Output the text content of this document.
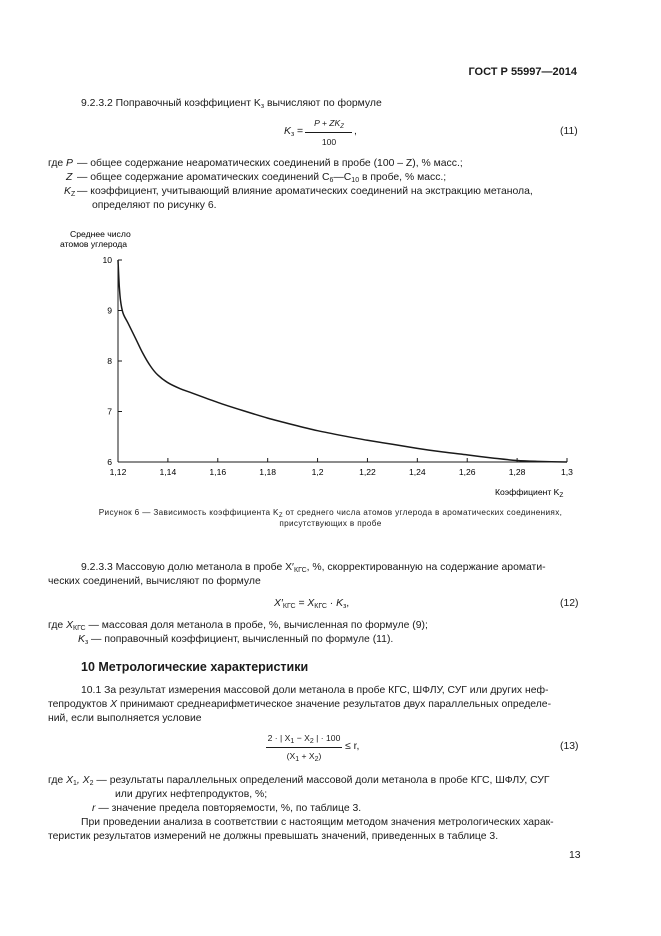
ГОСТ Р 55997—2014
9.2.3.2 Поправочный коэффициент $K_з$ вычисляют по формуле
$K_з$ =
$P + ZK_Z$
100
,	(11)
где P — общее содержание неароматических соединений в пробе (100 – Z), % масс.;
Z — общее содержание ароматических соединений $C_6—C_{10}$ в пробе, % масс.;
$K_Z$ — коэффициент, учитывающий влияние ароматических соединений на экстракцию метанола,
определяют по рисунку 6.
Среднее число
атомов углерода
6
7
8
9
10
1,12	1,14	1,16	1,18	1,2	1,22	1,24	1,26	1,28	1,3
Коэффициент $K_Z$
Рисунок 6 — Зависимость коэффициента $K_Z$ от среднего числа атомов углерода в ароматических соединениях,
присутствующих в пробе
9.2.3.3 Массовую долю метанола в пробе $X'_{КГС}$, %, скорректированную на содержание аромати-
ческих соединений, вычисляют по формуле
$X'_{КГС} = X_{КГС} \cdot K_з$,	(12)
где $X_{КГС}$ — массовая доля метанола в пробе, %, вычисленная по формуле (9);
$K_з$ — поправочный коэффициент, вычисленный по формуле (11).
10 Метрологические характеристики
10.1 За результат измерения массовой доли метанола в пробе КГС, ШФЛУ, СУГ или других неф-
тепродуктов X принимают среднеарифметическое значение результатов двух параллельных определе-
ний, если выполняется условие
2 · | $X_1 - X_2$ | · 100
$(X_1 + X_2)$
≤ r,	(13)
где $X_1$, $X_2$ — результаты параллельных определений массовой доли метанола в пробе КГС, ШФЛУ, СУГ
или других нефтепродуктов, %;
r — значение предела повторяемости, %, по таблице 3.
При проведении анализа в соответствии с настоящим методом значения метрологических харак-
теристик результатов измерений не должны превышать значений, приведенных в таблице 3.
13
